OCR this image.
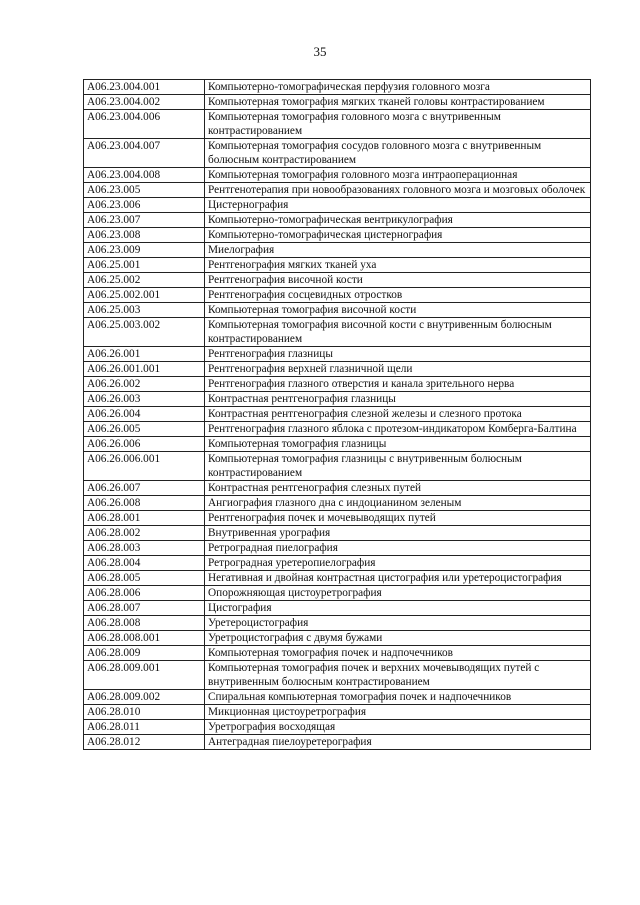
35
А06.23.004.001	Компьютерно-томографическая перфузия головного мозга
А06.23.004.002	Компьютерная томография мягких тканей головы контрастированием
А06.23.004.006	Компьютерная томография головного мозга с внутривенным контрастированием
А06.23.004.007	Компьютерная томография сосудов головного мозга с внутривенным болюсным контрастированием
А06.23.004.008	Компьютерная томография головного мозга интраоперационная
А06.23.005	Рентгенотерапия при новообразованиях головного мозга и мозговых оболочек
А06.23.006	Цистернография
А06.23.007	Компьютерно-томографическая вентрикулография
А06.23.008	Компьютерно-томографическая цистернография
А06.23.009	Миелография
А06.25.001	Рентгенография мягких тканей уха
А06.25.002	Рентгенография височной кости
А06.25.002.001	Рентгенография сосцевидных отростков
А06.25.003	Компьютерная томография височной кости
А06.25.003.002	Компьютерная томография височной кости с внутривенным болюсным контрастированием
А06.26.001	Рентгенография глазницы
А06.26.001.001	Рентгенография верхней глазничной щели
А06.26.002	Рентгенография глазного отверстия и канала зрительного нерва
А06.26.003	Контрастная рентгенография глазницы
А06.26.004	Контрастная рентгенография слезной железы и слезного протока
А06.26.005	Рентгенография глазного яблока с протезом-индикатором Комберга-Балтина
А06.26.006	Компьютерная томография глазницы
А06.26.006.001	Компьютерная томография глазницы с внутривенным болюсным контрастированием
А06.26.007	Контрастная рентгенография слезных путей
А06.26.008	Ангиография глазного дна с индоцианином зеленым
А06.28.001	Рентгенография почек и мочевыводящих путей
А06.28.002	Внутривенная урография
А06.28.003	Ретроградная пиелография
А06.28.004	Ретроградная уретеропиелография
А06.28.005	Негативная и двойная контрастная цистография или уретероцистография
А06.28.006	Опорожняющая цистоуретрография
А06.28.007	Цистография
А06.28.008	Уретероцистография
А06.28.008.001	Уретроцистография с двумя бужами
А06.28.009	Компьютерная томография почек и надпочечников
А06.28.009.001	Компьютерная томография почек и верхних мочевыводящих путей с внутривенным болюсным контрастированием
А06.28.009.002	Спиральная компьютерная томография почек и надпочечников
А06.28.010	Микционная цистоуретрография
А06.28.011	Уретрография восходящая
А06.28.012	Антеградная пиелоуретерография
